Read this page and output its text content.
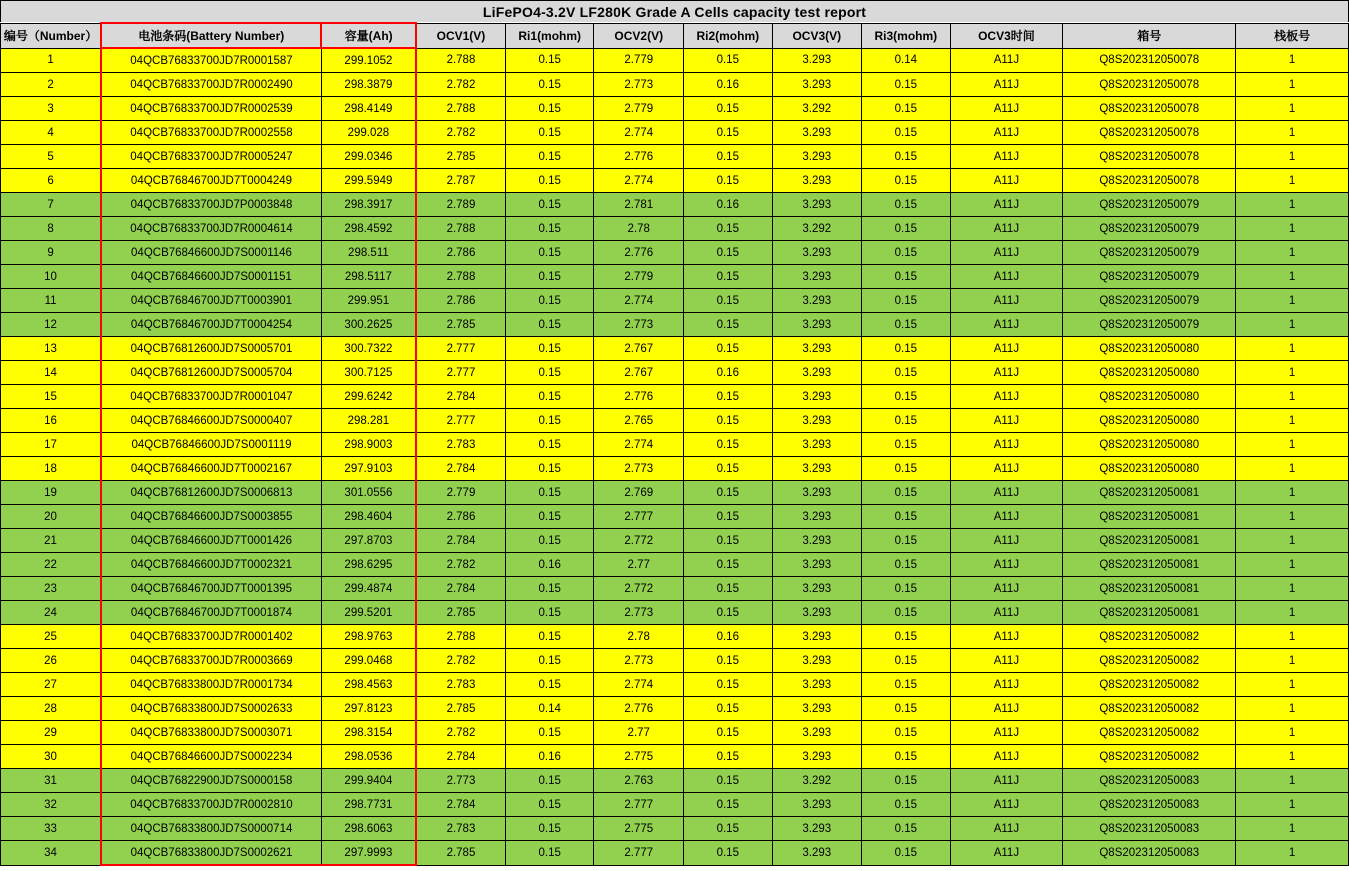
LiFePO4-3.2V LF280K Grade A Cells capacity test report
编号（Number）	电池条码(Battery Number)	容量(Ah)	OCV1(V)	Ri1(mohm)	OCV2(V)	Ri2(mohm)	OCV3(V)	Ri3(mohm)	OCV3时间	箱号	栈板号
1	04QCB76833700JD7R0001587	299.1052	2.788	0.15	2.779	0.15	3.293	0.14	A11J	Q8S202312050078	1
2	04QCB76833700JD7R0002490	298.3879	2.782	0.15	2.773	0.16	3.293	0.15	A11J	Q8S202312050078	1
3	04QCB76833700JD7R0002539	298.4149	2.788	0.15	2.779	0.15	3.292	0.15	A11J	Q8S202312050078	1
4	04QCB76833700JD7R0002558	299.028	2.782	0.15	2.774	0.15	3.293	0.15	A11J	Q8S202312050078	1
5	04QCB76833700JD7R0005247	299.0346	2.785	0.15	2.776	0.15	3.293	0.15	A11J	Q8S202312050078	1
6	04QCB76846700JD7T0004249	299.5949	2.787	0.15	2.774	0.15	3.293	0.15	A11J	Q8S202312050078	1
7	04QCB76833700JD7P0003848	298.3917	2.789	0.15	2.781	0.16	3.293	0.15	A11J	Q8S202312050079	1
8	04QCB76833700JD7R0004614	298.4592	2.788	0.15	2.78	0.15	3.292	0.15	A11J	Q8S202312050079	1
9	04QCB76846600JD7S0001146	298.511	2.786	0.15	2.776	0.15	3.293	0.15	A11J	Q8S202312050079	1
10	04QCB76846600JD7S0001151	298.5117	2.788	0.15	2.779	0.15	3.293	0.15	A11J	Q8S202312050079	1
11	04QCB76846700JD7T0003901	299.951	2.786	0.15	2.774	0.15	3.293	0.15	A11J	Q8S202312050079	1
12	04QCB76846700JD7T0004254	300.2625	2.785	0.15	2.773	0.15	3.293	0.15	A11J	Q8S202312050079	1
13	04QCB76812600JD7S0005701	300.7322	2.777	0.15	2.767	0.15	3.293	0.15	A11J	Q8S202312050080	1
14	04QCB76812600JD7S0005704	300.7125	2.777	0.15	2.767	0.16	3.293	0.15	A11J	Q8S202312050080	1
15	04QCB76833700JD7R0001047	299.6242	2.784	0.15	2.776	0.15	3.293	0.15	A11J	Q8S202312050080	1
16	04QCB76846600JD7S0000407	298.281	2.777	0.15	2.765	0.15	3.293	0.15	A11J	Q8S202312050080	1
17	04QCB76846600JD7S0001119	298.9003	2.783	0.15	2.774	0.15	3.293	0.15	A11J	Q8S202312050080	1
18	04QCB76846600JD7T0002167	297.9103	2.784	0.15	2.773	0.15	3.293	0.15	A11J	Q8S202312050080	1
19	04QCB76812600JD7S0006813	301.0556	2.779	0.15	2.769	0.15	3.293	0.15	A11J	Q8S202312050081	1
20	04QCB76846600JD7S0003855	298.4604	2.786	0.15	2.777	0.15	3.293	0.15	A11J	Q8S202312050081	1
21	04QCB76846600JD7T0001426	297.8703	2.784	0.15	2.772	0.15	3.293	0.15	A11J	Q8S202312050081	1
22	04QCB76846600JD7T0002321	298.6295	2.782	0.16	2.77	0.15	3.293	0.15	A11J	Q8S202312050081	1
23	04QCB76846700JD7T0001395	299.4874	2.784	0.15	2.772	0.15	3.293	0.15	A11J	Q8S202312050081	1
24	04QCB76846700JD7T0001874	299.5201	2.785	0.15	2.773	0.15	3.293	0.15	A11J	Q8S202312050081	1
25	04QCB76833700JD7R0001402	298.9763	2.788	0.15	2.78	0.16	3.293	0.15	A11J	Q8S202312050082	1
26	04QCB76833700JD7R0003669	299.0468	2.782	0.15	2.773	0.15	3.293	0.15	A11J	Q8S202312050082	1
27	04QCB76833800JD7R0001734	298.4563	2.783	0.15	2.774	0.15	3.293	0.15	A11J	Q8S202312050082	1
28	04QCB76833800JD7S0002633	297.8123	2.785	0.14	2.776	0.15	3.293	0.15	A11J	Q8S202312050082	1
29	04QCB76833800JD7S0003071	298.3154	2.782	0.15	2.77	0.15	3.293	0.15	A11J	Q8S202312050082	1
30	04QCB76846600JD7S0002234	298.0536	2.784	0.16	2.775	0.15	3.293	0.15	A11J	Q8S202312050082	1
31	04QCB76822900JD7S0000158	299.9404	2.773	0.15	2.763	0.15	3.292	0.15	A11J	Q8S202312050083	1
32	04QCB76833700JD7R0002810	298.7731	2.784	0.15	2.777	0.15	3.293	0.15	A11J	Q8S202312050083	1
33	04QCB76833800JD7S0000714	298.6063	2.783	0.15	2.775	0.15	3.293	0.15	A11J	Q8S202312050083	1
34	04QCB76833800JD7S0002621	297.9993	2.785	0.15	2.777	0.15	3.293	0.15	A11J	Q8S202312050083	1
